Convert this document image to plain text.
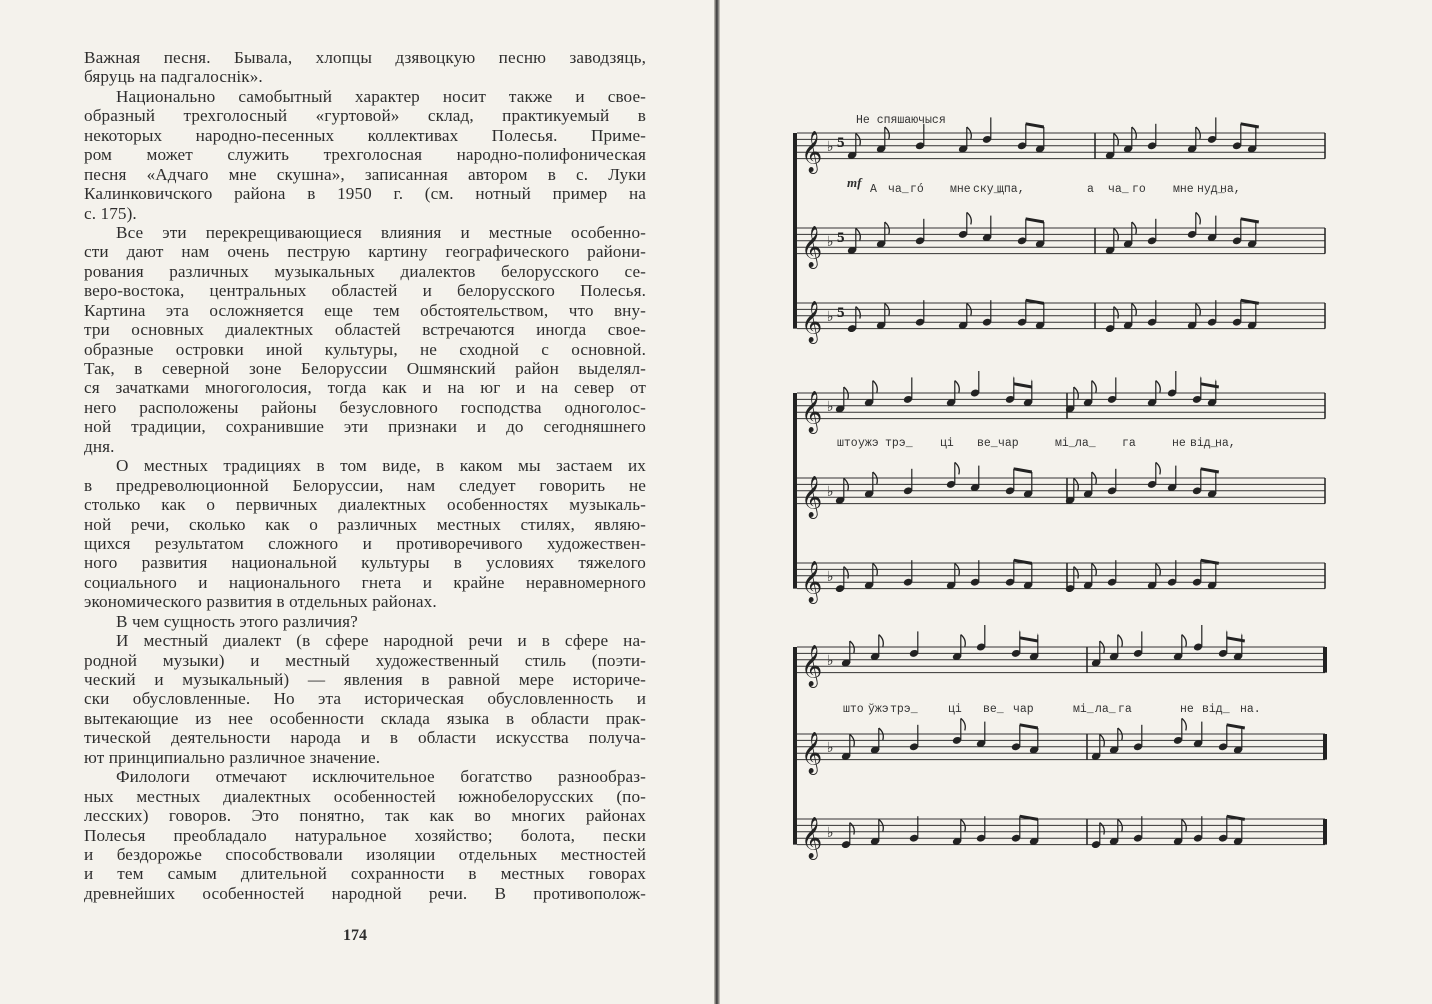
Важная песня. Бывала, хлопцы дзявоцкую песню заводзяць,
бяруць на падгалоснік».
Национально самобытный характер носит также и свое-
образный трехголосный «гуртовой» склад, практикуемый в
некоторых народно-песенных коллективах Полесья. Приме-
ром может служить трехголосная народно-полифоническая
песня «Адчаго мне скушна», записанная автором в с. Луки
Калинковичского района в 1950 г. (см. нотный пример на
с. 175).
Все эти перекрещивающиеся влияния и местные особенно-
сти дают нам очень пеструю картину географического райони-
рования различных музыкальных диалектов белорусского се-
веро-востока, центральных областей и белорусского Полесья.
Картина эта осложняется еще тем обстоятельством, что вну-
три основных диалектных областей встречаются иногда свое-
образные островки иной культуры, не сходной с основной.
Так, в северной зоне Белоруссии Ошмянский район выделял-
ся зачатками многоголосия, тогда как и на юг и на север от
него расположены районы безусловного господства одноголос-
ной традиции, сохранившие эти признаки и до сегодняшнего
дня.
О местных традициях в том виде, в каком мы застаем их
в предреволюционной Белоруссии, нам следует говорить не
столько как о первичных диалектных особенностях музыкаль-
ной речи, сколько как о различных местных стилях, являю-
щихся результатом сложного и противоречивого художествен-
ного развития национальной культуры в условиях тяжелого
социального и национального гнета и крайне неравномерного
экономического развития в отдельных районах.
В чем сущность этого различия?
И местный диалект (в сфере народной речи и в сфере на-
родной музыки) и местный художественный стиль (поэти-
ческий и музыкальный) — явления в равной мере историче-
ски обусловленные. Но эта историческая обусловленность и
вытекающие из нее особенности склада языка в области прак-
тической деятельности народа и в области искусства получа-
ют принципиально различное значение.
Филологи отмечают исключительное богатство разнообраз-
ных местных диалектных особенностей южнобелорусских (по-
лесских) говоров. Это понятно, так как во многих районах
Полесья преобладало натуральное хозяйство; болота, пески
и бездорожье способствовали изоляции отдельных местностей
и тем самым длительной сохранности в местных говорах
древнейших особенностей народной речи. В противополож-
174
Не спяшаючыся
mf
𝄞 ♭ 5
𝄞 ♭ 5
𝄞 ♭ 5
𝄞 ♭
𝄞 ♭
𝄞 ♭
𝄞 ♭
𝄞 ♭
𝄞 ♭
А ча_ гó мне ску_
щпа,	а ча_ го мне нуд_
на,
што ужэ трэ_ ці ве_ чар	мі_ ла_ га	не від_
на,
што ўжэ трэ_	ці ве_ чар	мі_ ла_ га	не від_ на.
